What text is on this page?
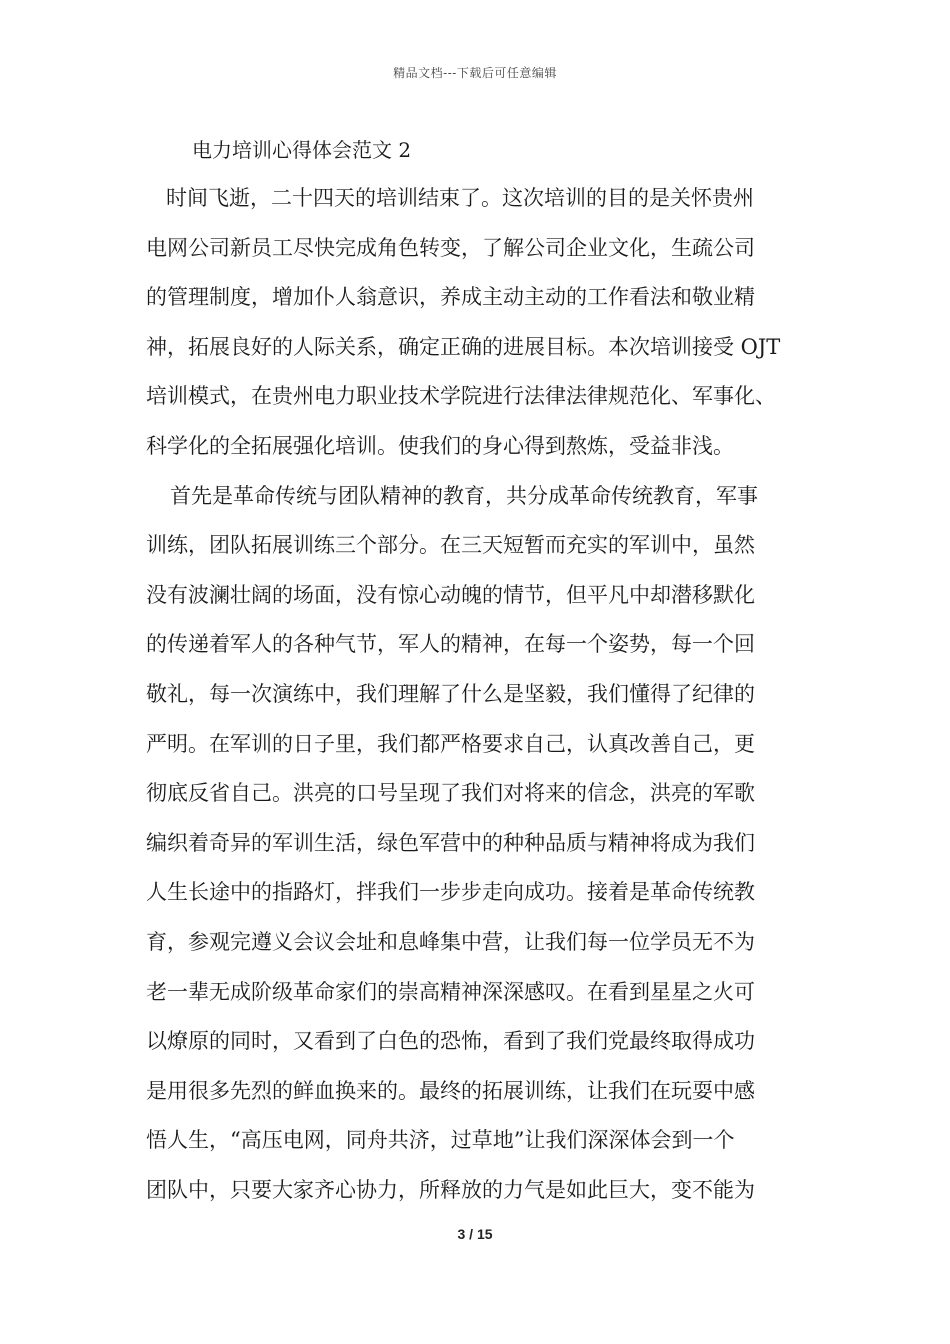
精品文档---下载后可任意编辑
电力培训心得体会范文 2
时间飞逝，二十四天的培训结束了。这次培训的目的是关怀贵州
电网公司新员工尽快完成角色转变，了解公司企业文化，生疏公司
的管理制度，增加仆人翁意识，养成主动主动的工作看法和敬业精
神，拓展良好的人际关系，确定正确的进展目标。本次培训接受 OJT
培训模式，在贵州电力职业技术学院进行法律法律规范化、军事化、
科学化的全拓展强化培训。使我们的身心得到熬炼，受益非浅。
首先是革命传统与团队精神的教育，共分成革命传统教育，军事
训练，团队拓展训练三个部分。在三天短暂而充实的军训中，虽然
没有波澜壮阔的场面，没有惊心动魄的情节，但平凡中却潜移默化
的传递着军人的各种气节，军人的精神，在每一个姿势，每一个回
敬礼，每一次演练中，我们理解了什么是坚毅，我们懂得了纪律的
严明。在军训的日子里，我们都严格要求自己，认真改善自己，更
彻底反省自己。洪亮的口号呈现了我们对将来的信念，洪亮的军歌
编织着奇异的军训生活，绿色军营中的种种品质与精神将成为我们
人生长途中的指路灯，拌我们一步步走向成功。接着是革命传统教
育，参观完遵义会议会址和息峰集中营，让我们每一位学员无不为
老一辈无成阶级革命家们的崇高精神深深感叹。在看到星星之火可
以燎原的同时，又看到了白色的恐怖，看到了我们党最终取得成功
是用很多先烈的鲜血换来的。最终的拓展训练，让我们在玩耍中感
悟人生，“高压电网，同舟共济，过草地”让我们深深体会到一个
团队中，只要大家齐心协力，所释放的力气是如此巨大，变不能为
3 / 15
